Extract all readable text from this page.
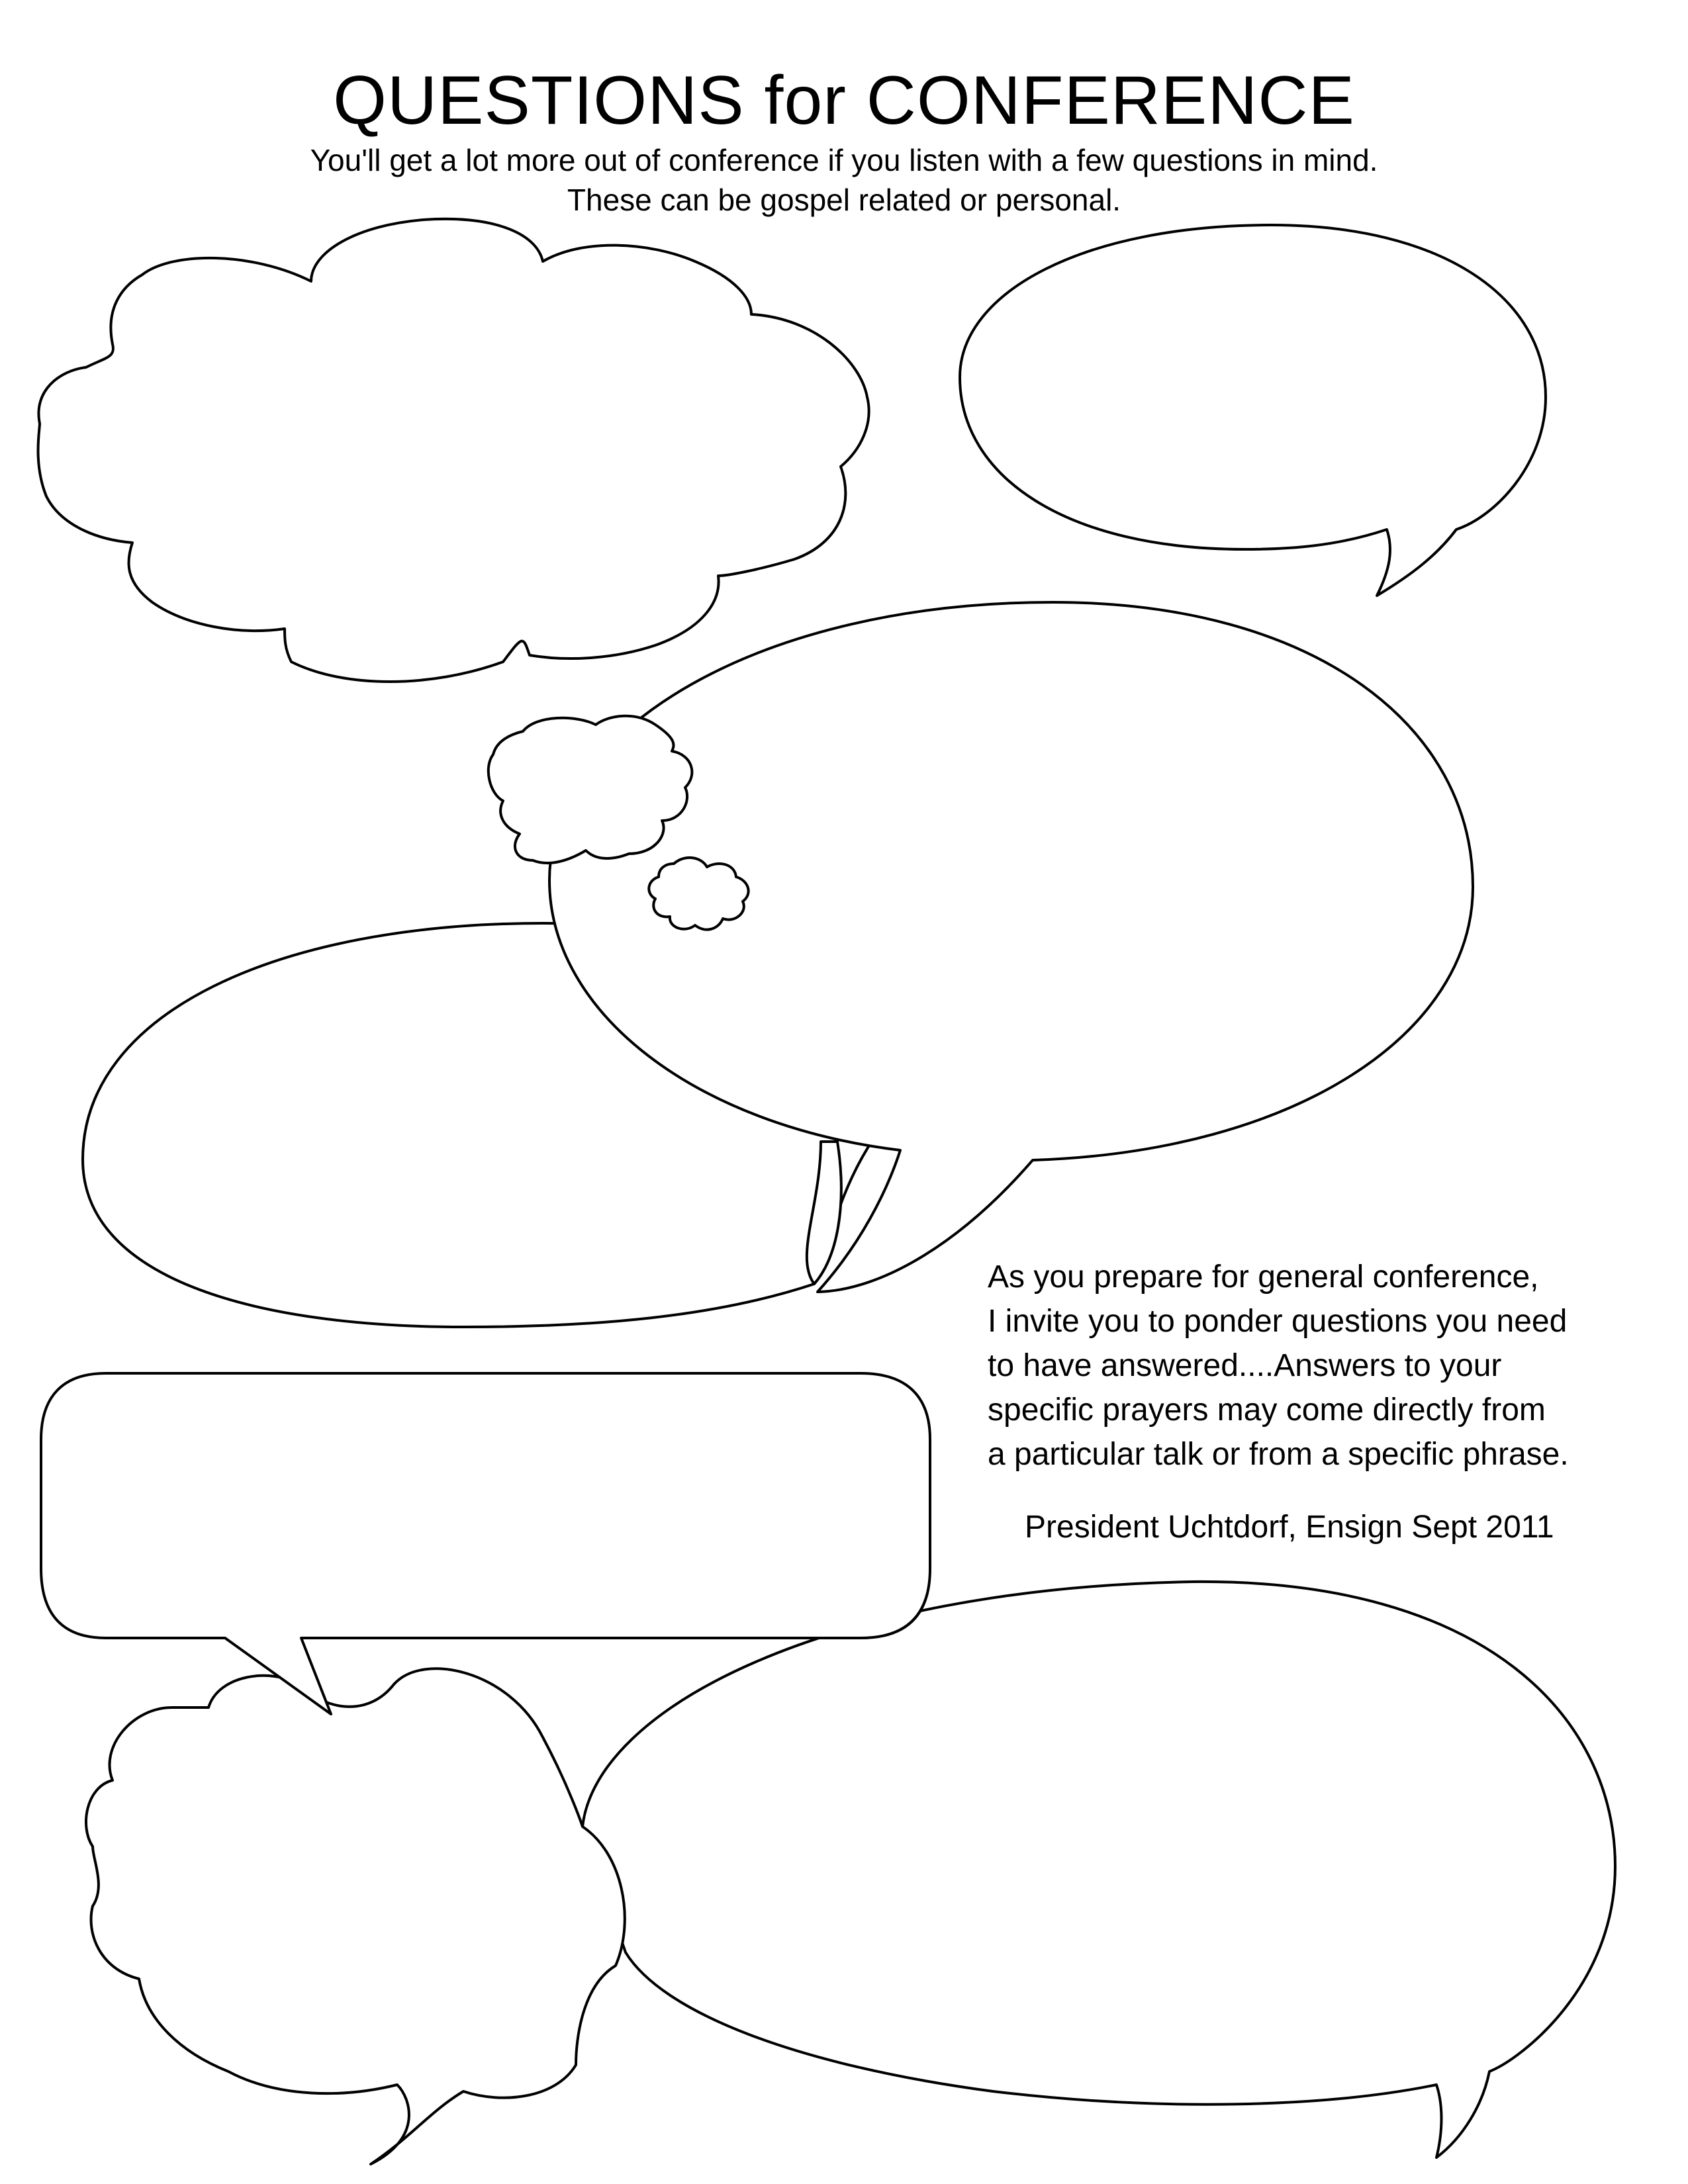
QUESTIONS for CONFERENCE

You'll get a lot more out of conference if you listen with a few questions in mind.

These can be gospel related or personal.

As you prepare for general conference,
I invite you to ponder questions you need
to have answered....Answers to your
specific prayers may come directly from
a particular talk or from a specific phrase.
President Uchtdorf, Ensign Sept 2011
